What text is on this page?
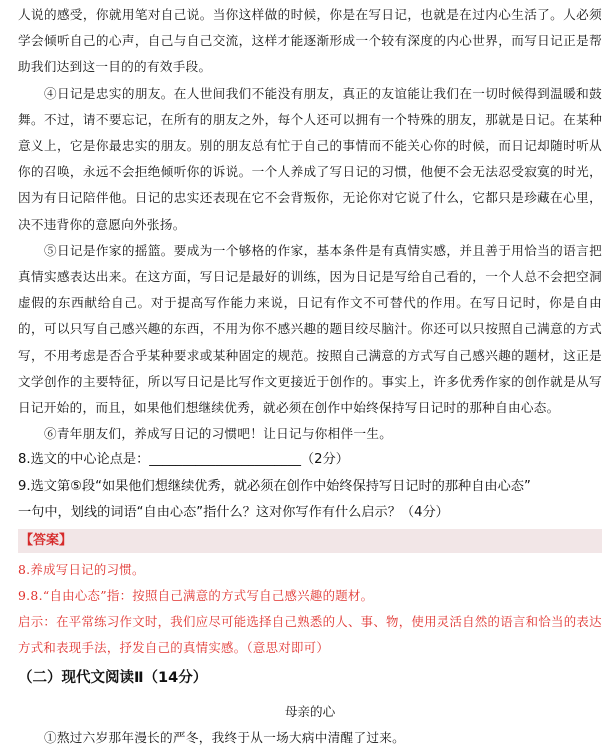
人说的感受，你就用笔对自己说。当你这样做的时候，你是在写日记，也就是在过内心生活了。人必须学会倾听自己的心声，自己与自己交流，这样才能逐渐形成一个较有深度的内心世界，而写日记正是帮助我们达到这一目的的有效手段。

④日记是忠实的朋友。在人世间我们不能没有朋友，真正的友谊能让我们在一切时候得到温暖和鼓舞。不过，请不要忘记，在所有的朋友之外，每个人还可以拥有一个特殊的朋友，那就是日记。在某种意义上，它是你最忠实的朋友。别的朋友总有忙于自己的事情而不能关心你的时候，而日记却随时听从你的召唤，永远不会拒绝倾听你的诉说。一个人养成了写日记的习惯，他便不会无法忍受寂寞的时光，因为有日记陪伴他。日记的忠实还表现在它不会背叛你，无论你对它说了什么，它都只是珍藏在心里，决不违背你的意愿向外张扬。

⑤日记是作家的摇篮。要成为一个够格的作家，基本条件是有真情实感，并且善于用恰当的语言把真情实感表达出来。在这方面，写日记是最好的训练，因为日记是写给自己看的，一个人总不会把空洞虚假的东西献给自己。对于提高写作能力来说，日记有作文不可替代的作用。在写日记时，你是自由的，可以只写自己感兴趣的东西，不用为你不感兴趣的题目绞尽脑汁。你还可以只按照自己满意的方式写，不用考虑是否合乎某种要求或某种固定的规范。按照自己满意的方式写自己感兴趣的题材，这正是文学创作的主要特征，所以写日记是比写作文更接近于创作的。事实上，许多优秀作家的创作就是从写日记开始的，而且，如果他们想继续优秀，就必须在创作中始终保持写日记时的那种自由心态。

⑥青年朋友们，养成写日记的习惯吧！让日记与你相伴一生。

8.选文的中心论点是：_______________________（2分）

9.选文第⑤段“如果他们想继续优秀，就必须在创作中始终保持写日记时的那种自由心态”

一句中，划线的词语“自由心态”指什么？这对你写作有什么启示？（4分）

【答案】

8.养成写日记的习惯。

9.8.“自由心态”指：按照自己满意的方式写自己感兴趣的题材。

启示：在平常练习作文时，我们应尽可能选择自己熟悉的人、事、物，使用灵活自然的语言和恰当的表达方式和表现手法，抒发自己的真情实感。（意思对即可）

（二）现代文阅读Ⅱ（14分）

母亲的心

①熬过六岁那年漫长的严冬，我终于从一场大病中清醒了过来。
